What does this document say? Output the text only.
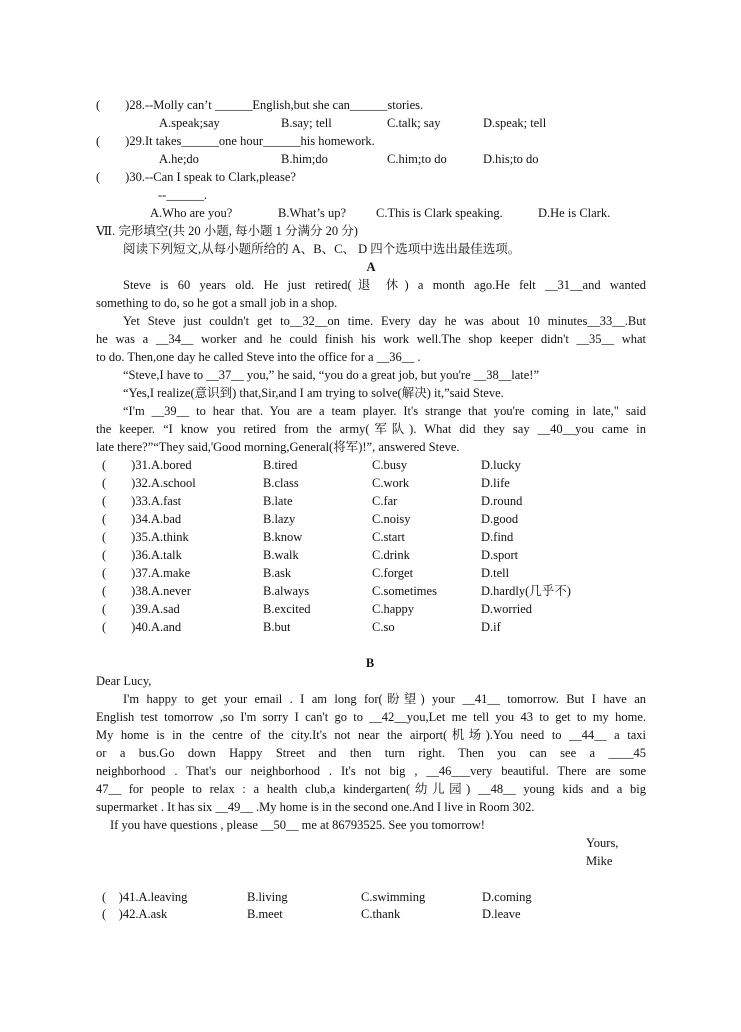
(　　)28.--Molly can’t ______English,but she can______stories.
A.speak;say	B.say; tell	C.talk; say	D.speak; tell
(　　)29.It takes______one hour______his homework.
A.he;do	B.him;do	C.him;to do	D.his;to do
(　　)30.--Can I speak to Clark,please?
--______.
A.Who are you?	B.What’s up? C.This is Clark speaking.	D.He is Clark.
Ⅶ. 完形填空(共 20 小题, 每小题 1 分满分 20 分)
阅读下列短文,从每小题所给的 A、B、C、 D 四个选项中选出最佳选项。
A
Steve is 60 years old. He just retired(退 休) a month ago.He felt __31__and wanted
something to do, so he got a small job in a shop.
Yet Steve just couldn't get to__32__on time. Every day he was about 10 minutes__33__.But
he was a __34__ worker and he could finish his work well.The shop keeper didn't __35__ what
to do. Then,one day he called Steve into the office for a __36__ .
“Steve,I have to __37__ you,” he said, “you do a great job, but you're __38__late!”
“Yes,I realize(意识到) that,Sir,and I am trying to solve(解决) it,”said Steve.
“I'm __39__ to hear that. You are a team player. It's strange that you're coming in late," said
the keeper. “I know you retired from the army(军队). What did they say __40__you came in
late there?”“They said,'Good morning,General(将军)!”, answered Steve.
(　　)31.A.bored	B.tired	C.busy	D.lucky
(　　)32.A.school	B.class	C.work	D.life
(　　)33.A.fast	B.late	C.far	D.round
(　　)34.A.bad	B.lazy	C.noisy	D.good
(　　)35.A.think	B.know	C.start	D.find
(　　)36.A.talk	B.walk	C.drink	D.sport
(　　)37.A.make	B.ask	C.forget	D.tell
(　　)38.A.never	B.always	C.sometimes	D.hardly(几乎不)
(　　)39.A.sad	B.excited	C.happy	D.worried
(　　)40.A.and	B.but	C.so	D.if
B
Dear Lucy,
I'm happy to get your email . I am long for(盼望) your __41__ tomorrow. But I have an
English test tomorrow ,so I'm sorry I can't go to __42__you,Let me tell you 43 to get to my home.
My home is in the centre of the city.It's not near the airport(机场).You need to __44__ a taxi
or a bus.Go down Happy Street and then turn right. Then you can see a ____45
neighborhood . That's our neighborhood . It's not big , __46___very beautiful. There are some
47__ for people to relax : a health club,a kindergarten(幼儿园) __48__ young kids and a big
supermarket . It has six __49__ .My home is in the second one.And I live in Room 302.
If you have questions , please __50__ me at 86793525. See you tomorrow!
Yours,
Mike
(　)41.A.leaving	B.living	C.swimming	D.coming
(　)42.A.ask	B.meet	C.thank	D.leave
